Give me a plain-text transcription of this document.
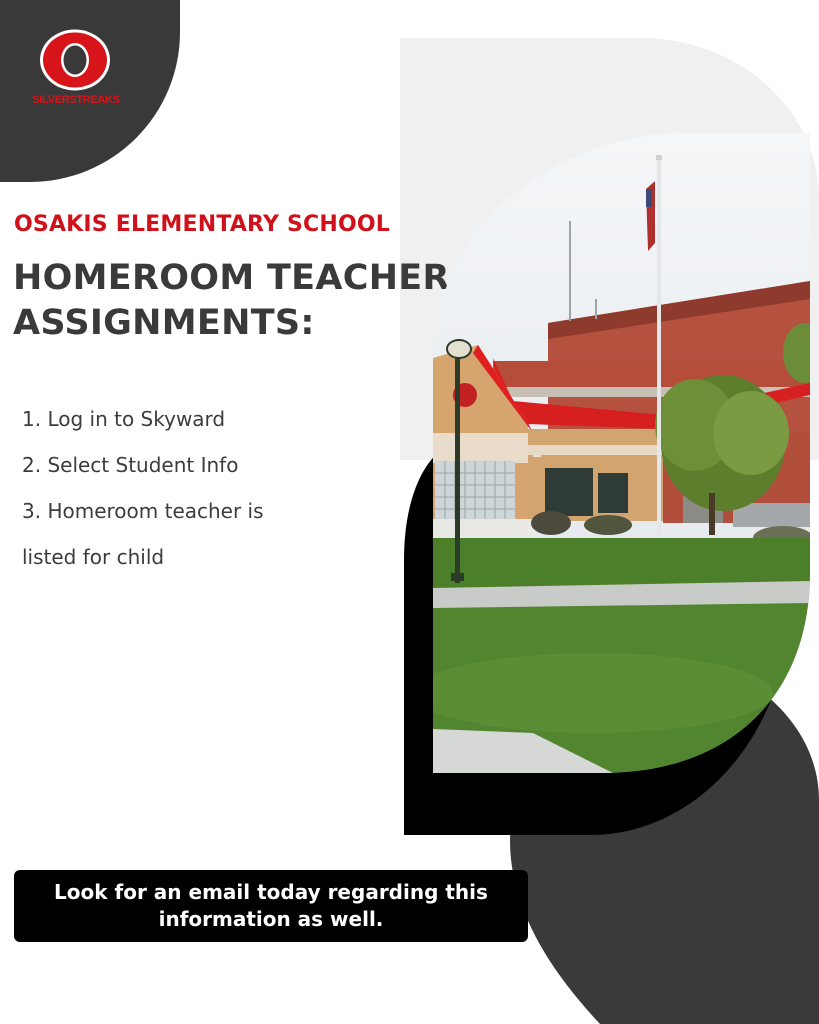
SILVERSTREAKS
OSAKIS ELEMENTARY SCHOOL
HOMEROOM TEACHER
ASSIGNMENTS:
1. Log in to Skyward
2. Select Student Info
3. Homeroom teacher is
listed for child
Look for an email today regarding this information as well.
